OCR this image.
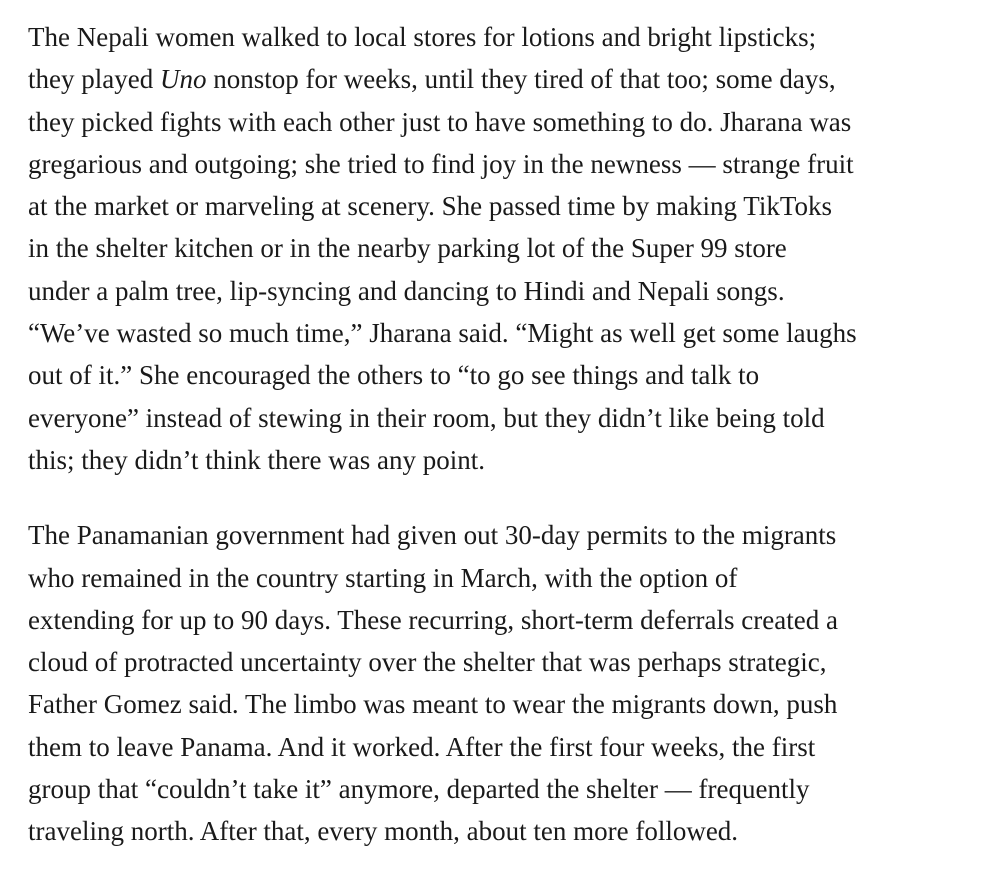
The Nepali women walked to local stores for lotions and bright lipsticks;
they played Uno nonstop for weeks, until they tired of that too; some days,
they picked fights with each other just to have something to do. Jharana was
gregarious and outgoing; she tried to find joy in the newness — strange fruit
at the market or marveling at scenery. She passed time by making TikToks
in the shelter kitchen or in the nearby parking lot of the Super 99 store
under a palm tree, lip-syncing and dancing to Hindi and Nepali songs.
“We’ve wasted so much time,” Jharana said. “Might as well get some laughs
out of it.” She encouraged the others to “to go see things and talk to
everyone” instead of stewing in their room, but they didn’t like being told
this; they didn’t think there was any point.

The Panamanian government had given out 30-day permits to the migrants
who remained in the country starting in March, with the option of
extending for up to 90 days. These recurring, short-term deferrals created a
cloud of protracted uncertainty over the shelter that was perhaps strategic,
Father Gomez said. The limbo was meant to wear the migrants down, push
them to leave Panama. And it worked. After the first four weeks, the first
group that “couldn’t take it” anymore, departed the shelter — frequently
traveling north. After that, every month, about ten more followed.
